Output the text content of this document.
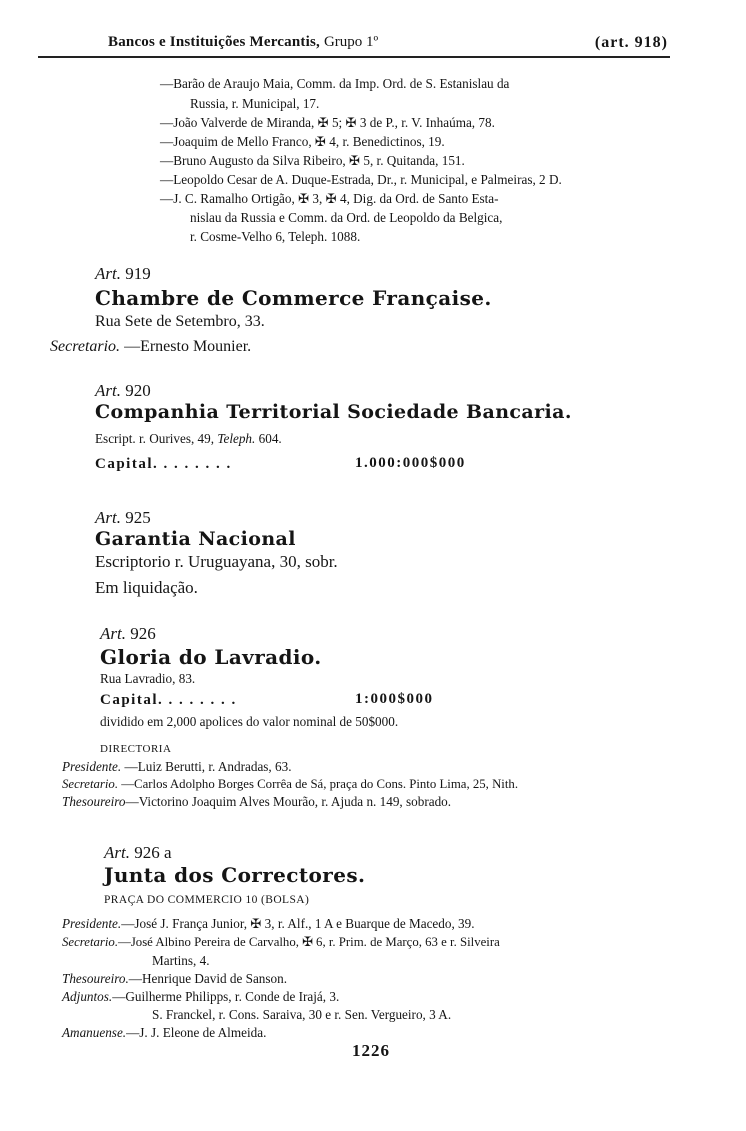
Bancos e Instituições Mercantis, Grupo 1º	(art. 918)
—Barão de Araujo Maia, Comm. da Imp. Ord. de S. Estanislau da
Russia, r. Municipal, 17.
—João Valverde de Miranda, ✠ 5; ✠ 3 de P., r. V. Inhaúma, 78.
—Joaquim de Mello Franco, ✠ 4, r. Benedictinos, 19.
—Bruno Augusto da Silva Ribeiro, ✠ 5, r. Quitanda, 151.
—Leopoldo Cesar de A. Duque-Estrada, Dr., r. Municipal, e Palmeiras, 2 D.
—J. C. Ramalho Ortigão, ✠ 3, ✠ 4, Dig. da Ord. de Santo Esta-
nislau da Russia e Comm. da Ord. de Leopoldo da Belgica,
r. Cosme-Velho 6, Teleph. 1088.
Art. 919
Chambre de Commerce Française.
Rua Sete de Setembro, 33.
Secretario. —Ernesto Mounier.
Art. 920
Companhia Territorial Sociedade Bancaria.
Escript. r. Ourives, 49, Teleph. 604.
Capital. . . . . . . .	1.000:000$000
Art. 925
Garantia Nacional
Escriptorio r. Uruguayana, 30, sobr.
Em liquidação.
Art. 926
Gloria do Lavradio.
Rua Lavradio, 83.
Capital. . . . . . . .	1:000$000
dividido em 2,000 apolices do valor nominal de 50$000.
DIRECTORIA
Presidente. —Luiz Berutti, r. Andradas, 63.
Secretario. —Carlos Adolpho Borges Corrêa de Sá, praça do Cons. Pinto Lima, 25, Nith.
Thesoureiro—Victorino Joaquim Alves Mourão, r. Ajuda n. 149, sobrado.
Art. 926 a
Junta dos Correctores.
PRAÇA DO COMMERCIO 10 (BOLSA)
Presidente.—José J. França Junior, ✠ 3, r. Alf., 1 A e Buarque de Macedo, 39.
Secretario.—José Albino Pereira de Carvalho, ✠ 6, r. Prim. de Março, 63 e r. Silveira
Martins, 4.
Thesoureiro.—Henrique David de Sanson.
Adjuntos.—Guilherme Philipps, r. Conde de Irajá, 3.
S. Franckel, r. Cons. Saraiva, 30 e r. Sen. Vergueiro, 3 A.
Amanuense.—J. J. Eleone de Almeida.
1226
